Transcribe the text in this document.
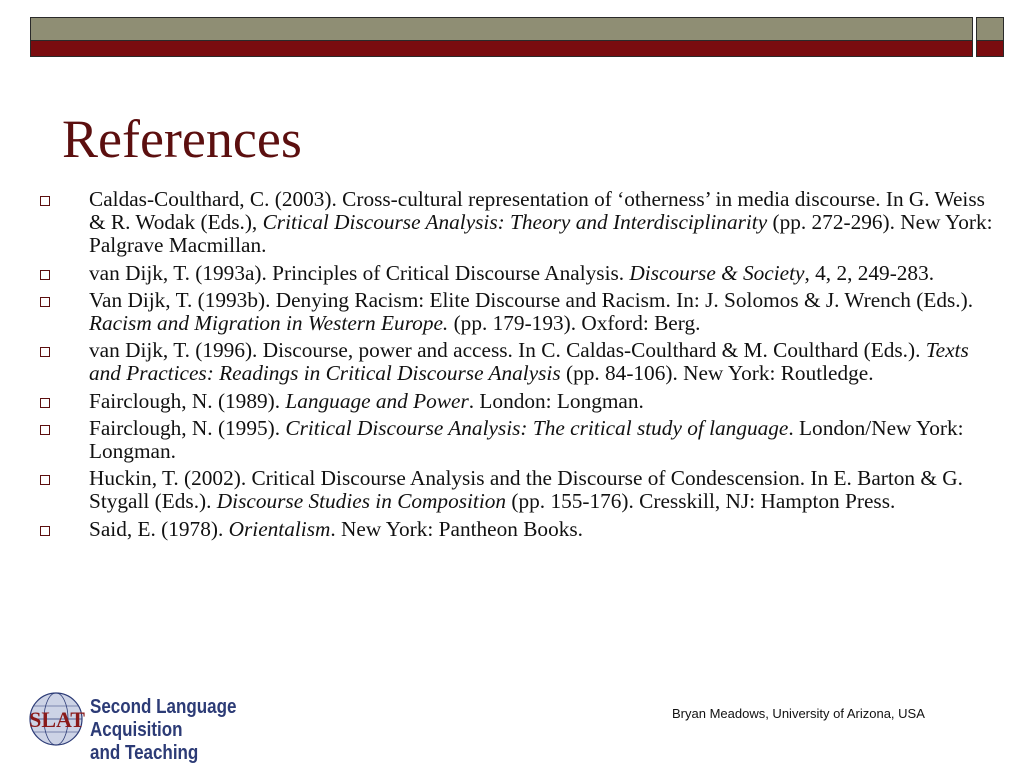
References
Caldas-Coulthard, C. (2003). Cross-cultural representation of ‘otherness’ in media discourse. In G. Weiss & R. Wodak (Eds.), Critical Discourse Analysis: Theory and Interdisciplinarity (pp. 272-296). New York: Palgrave Macmillan.
van Dijk, T. (1993a). Principles of Critical Discourse Analysis. Discourse & Society, 4, 2, 249-283.
Van Dijk, T. (1993b). Denying Racism: Elite Discourse and Racism. In: J. Solomos & J. Wrench (Eds.). Racism and Migration in Western Europe. (pp. 179-193). Oxford: Berg.
van Dijk, T. (1996). Discourse, power and access. In C. Caldas-Coulthard & M. Coulthard (Eds.). Texts and Practices: Readings in Critical Discourse Analysis (pp. 84-106). New York: Routledge.
Fairclough, N. (1989). Language and Power. London: Longman.
Fairclough, N. (1995). Critical Discourse Analysis: The critical study of language. London/New York: Longman.
Huckin, T. (2002). Critical Discourse Analysis and the Discourse of Condescension. In E. Barton & G. Stygall (Eds.). Discourse Studies in Composition (pp. 155-176). Cresskill, NJ: Hampton Press.
Said, E. (1978). Orientalism. New York: Pantheon Books.
SLAT Second Language Acquisition
and Teaching
Bryan Meadows, University of Arizona, USA
